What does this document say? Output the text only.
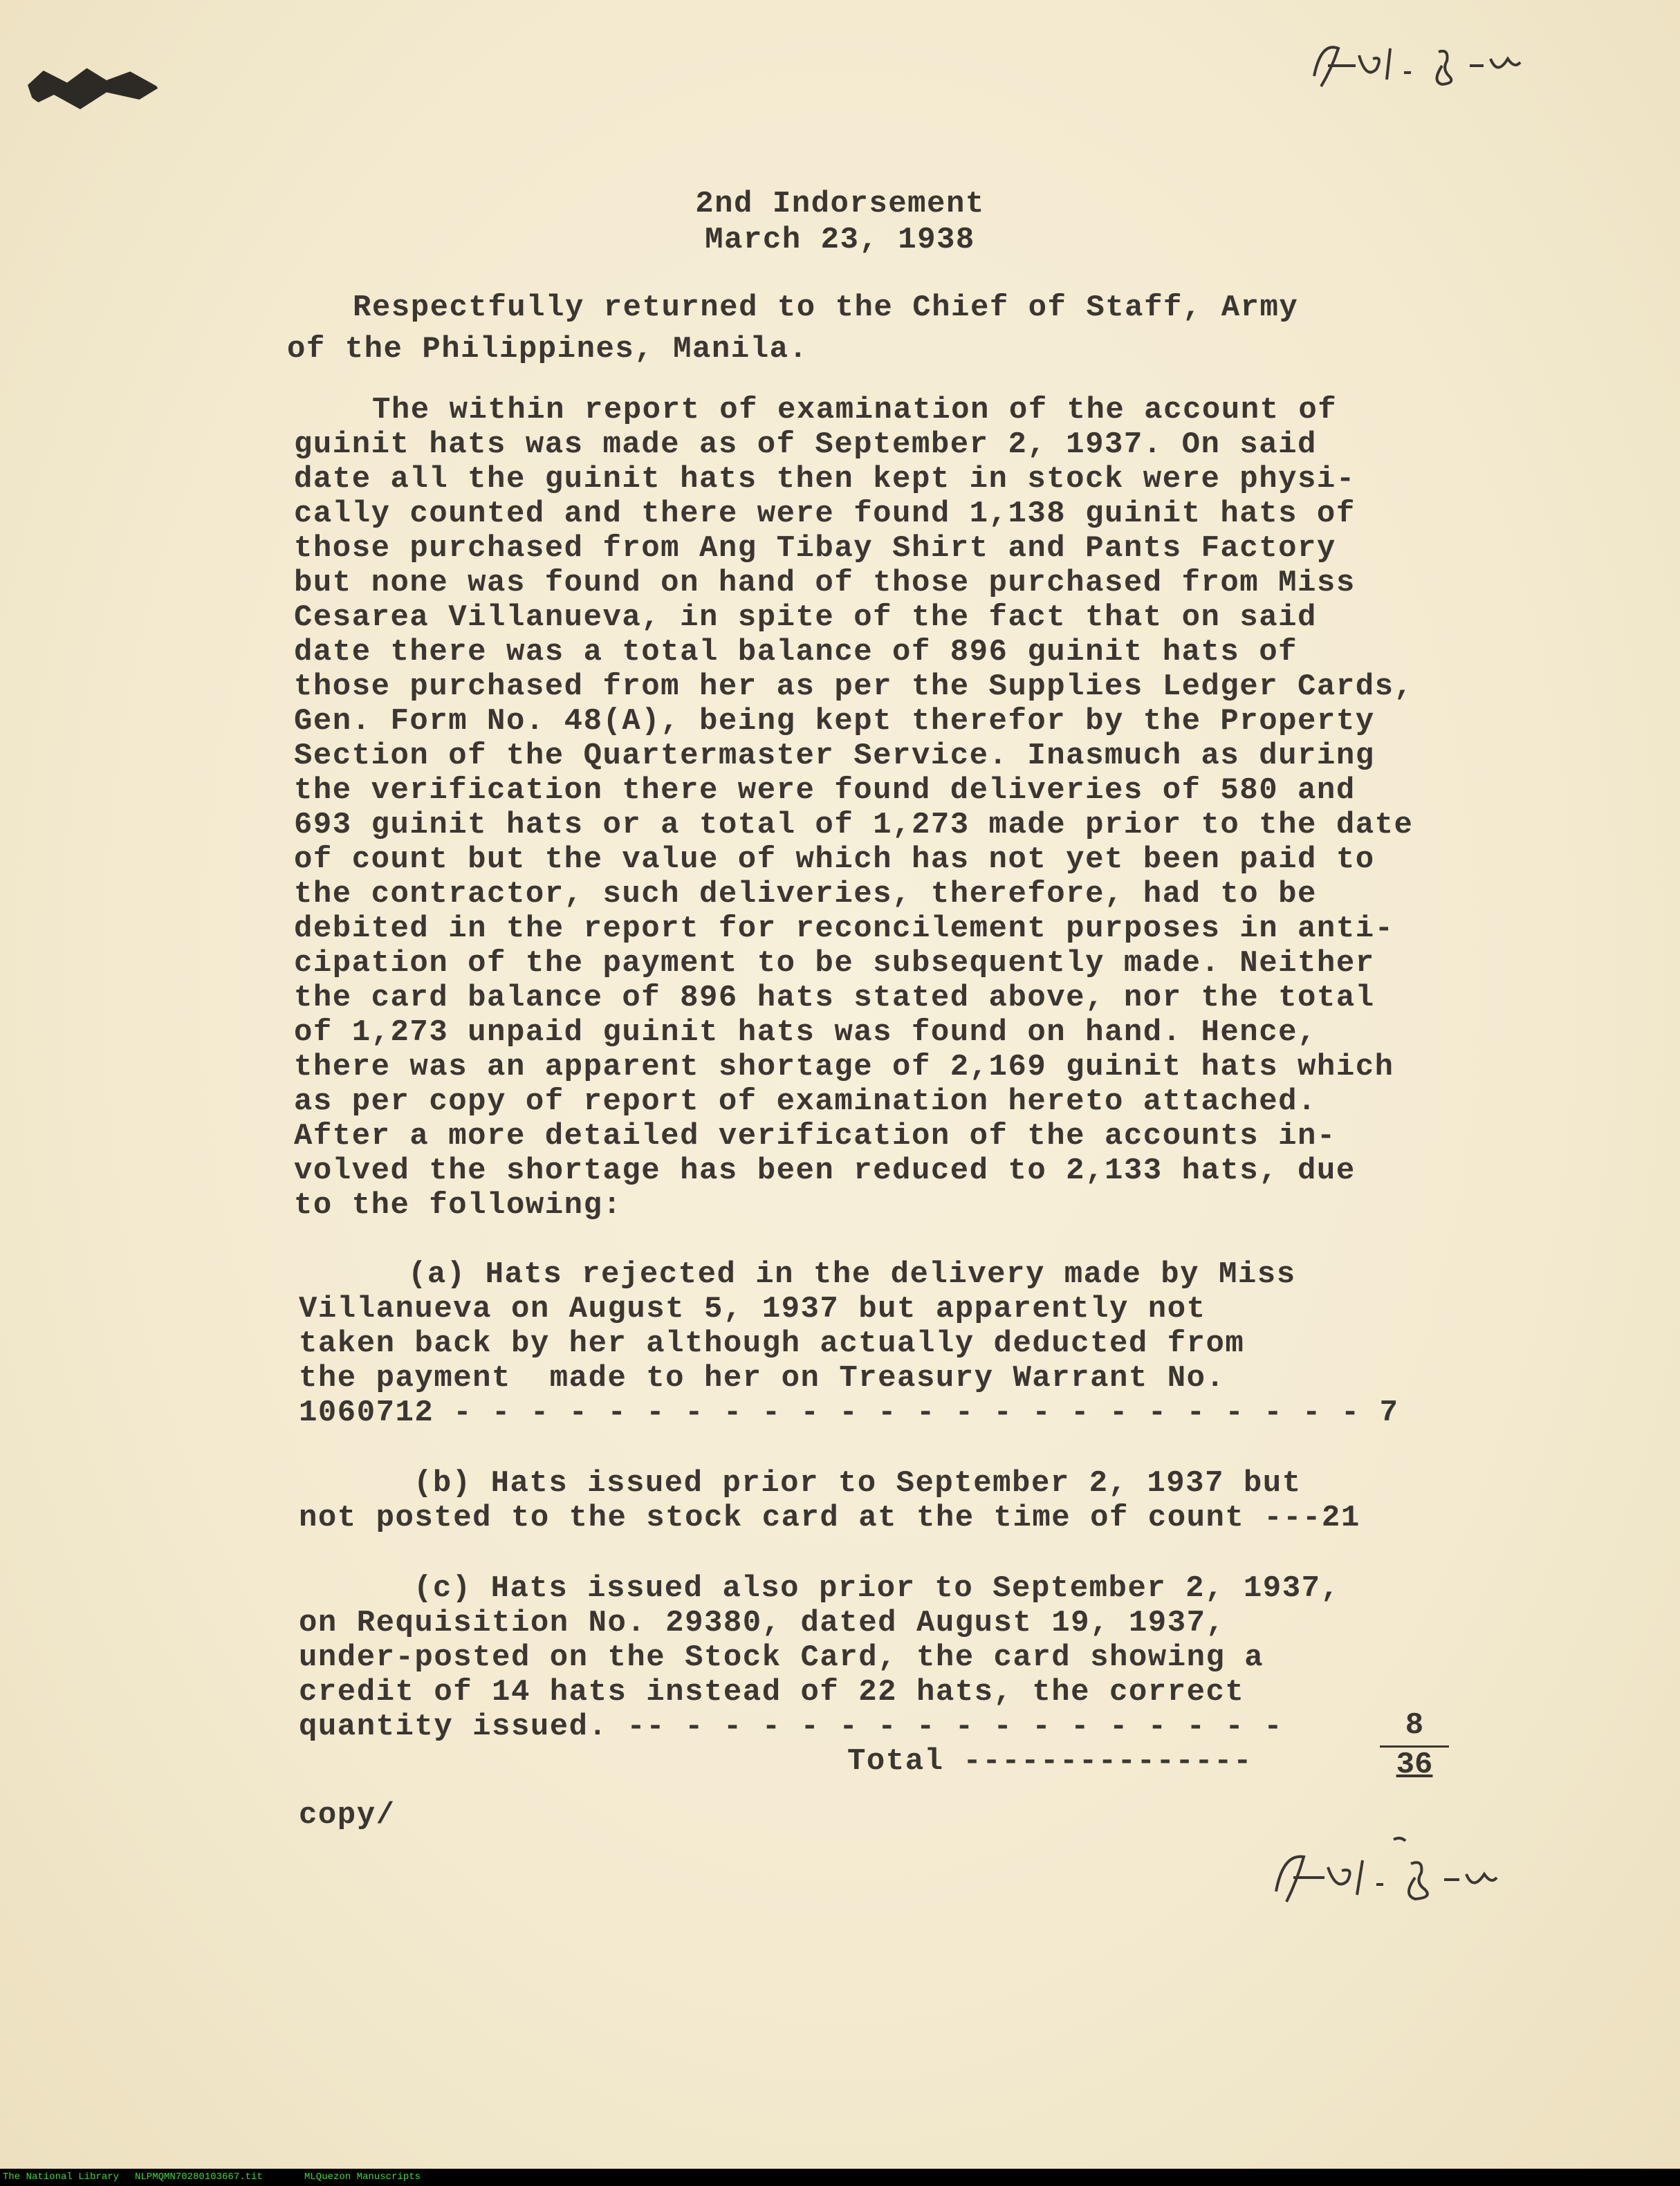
2nd Indorsement
March 23, 1938
Respectfully returned to the Chief of Staff, Army
of the Philippines, Manila.
The within report of examination of the account of
guinit hats was made as of September 2, 1937. On said
date all the guinit hats then kept in stock were physi-
cally counted and there were found 1,138 guinit hats of
those purchased from Ang Tibay Shirt and Pants Factory
but none was found on hand of those purchased from Miss
Cesarea Villanueva, in spite of the fact that on said
date there was a total balance of 896 guinit hats of
those purchased from her as per the Supplies Ledger Cards,
Gen. Form No. 48(A), being kept therefor by the Property
Section of the Quartermaster Service. Inasmuch as during
the verification there were found deliveries of 580 and
693 guinit hats or a total of 1,273 made prior to the date
of count but the value of which has not yet been paid to
the contractor, such deliveries, therefore, had to be
debited in the report for reconcilement purposes in anti-
cipation of the payment to be subsequently made. Neither
the card balance of 896 hats stated above, nor the total
of 1,273 unpaid guinit hats was found on hand. Hence,
there was an apparent shortage of 2,169 guinit hats which
as per copy of report of examination hereto attached.
After a more detailed verification of the accounts in-
volved the shortage has been reduced to 2,133 hats, due
to the following:
(a) Hats rejected in the delivery made by Miss
Villanueva on August 5, 1937 but apparently not
taken back by her although actually deducted from
the payment  made to her on Treasury Warrant No.
1060712 - - - - - - - - - - - - - - - - - - - - - - - - 7
(b) Hats issued prior to September 2, 1937 but
not posted to the stock card at the time of count ---21
(c) Hats issued also prior to September 2, 1937,
on Requisition No. 29380, dated August 19, 1937,
under-posted on the Stock Card, the card showing a
credit of 14 hats instead of 22 hats, the correct
quantity issued. -- - - - - - - - - - - - - - - - -
Total ---------------	$\frac{8}{36}$
copy/
The National Library NLPMQMN70280103667.tit	MLQuezon Manuscripts
